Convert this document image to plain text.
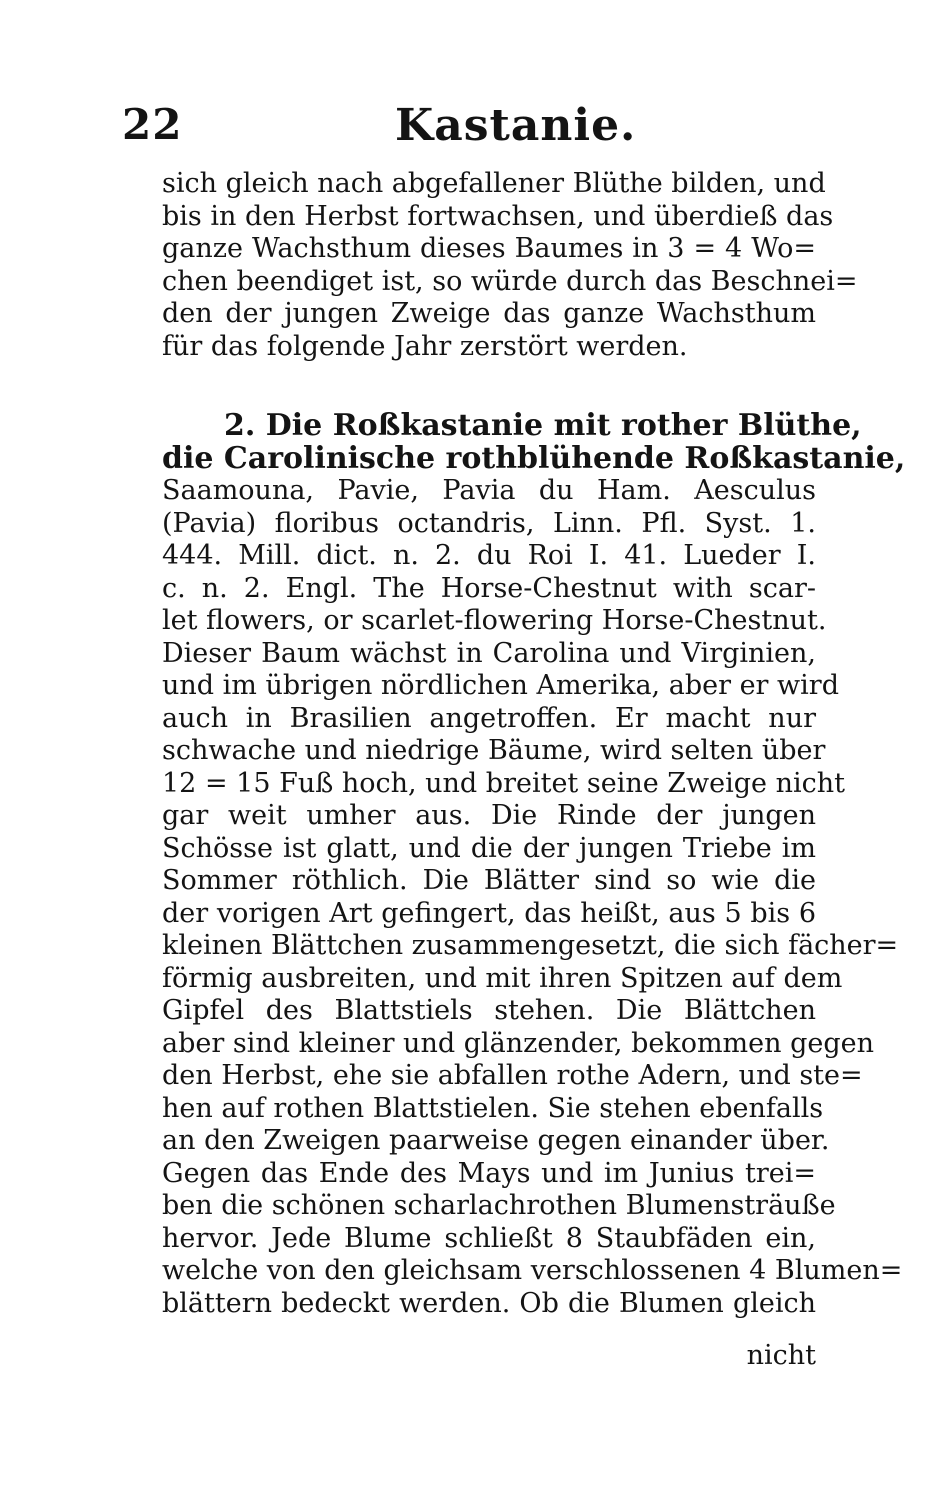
22	Kastanie.
sich gleich nach abgefallener Blüthe bilden, und
bis in den Herbst fortwachsen, und überdieß das
ganze Wachsthum dieses Baumes in 3 = 4 Wo=
chen beendiget ist, so würde durch das Beschnei=
den der jungen Zweige das ganze Wachsthum
für das folgende Jahr zerstört werden.
2. Die Roßkastanie mit rother Blüthe,
die Carolinische rothblühende Roßkastanie,
Saamouna, Pavie, Pavia du Ham. Aesculus
(Pavia) floribus octandris, Linn. Pfl. Syst. 1.
444. Mill. dict. n. 2. du Roi I. 41. Lueder I.
c. n. 2. Engl. The Horse-Chestnut with scar-
let flowers, or scarlet-flowering Horse-Chestnut.
Dieser Baum wächst in Carolina und Virginien,
und im übrigen nördlichen Amerika, aber er wird
auch in Brasilien angetroffen. Er macht nur
schwache und niedrige Bäume, wird selten über
12 = 15 Fuß hoch, und breitet seine Zweige nicht
gar weit umher aus. Die Rinde der jungen
Schösse ist glatt, und die der jungen Triebe im
Sommer röthlich. Die Blätter sind so wie die
der vorigen Art gefingert, das heißt, aus 5 bis 6
kleinen Blättchen zusammengesetzt, die sich fächer=
förmig ausbreiten, und mit ihren Spitzen auf dem
Gipfel des Blattstiels stehen. Die Blättchen
aber sind kleiner und glänzender, bekommen gegen
den Herbst, ehe sie abfallen rothe Adern, und ste=
hen auf rothen Blattstielen. Sie stehen ebenfalls
an den Zweigen paarweise gegen einander über.
Gegen das Ende des Mays und im Junius trei=
ben die schönen scharlachrothen Blumensträuße
hervor. Jede Blume schließt 8 Staubfäden ein,
welche von den gleichsam verschlossenen 4 Blumen=
blättern bedeckt werden. Ob die Blumen gleich
nicht
